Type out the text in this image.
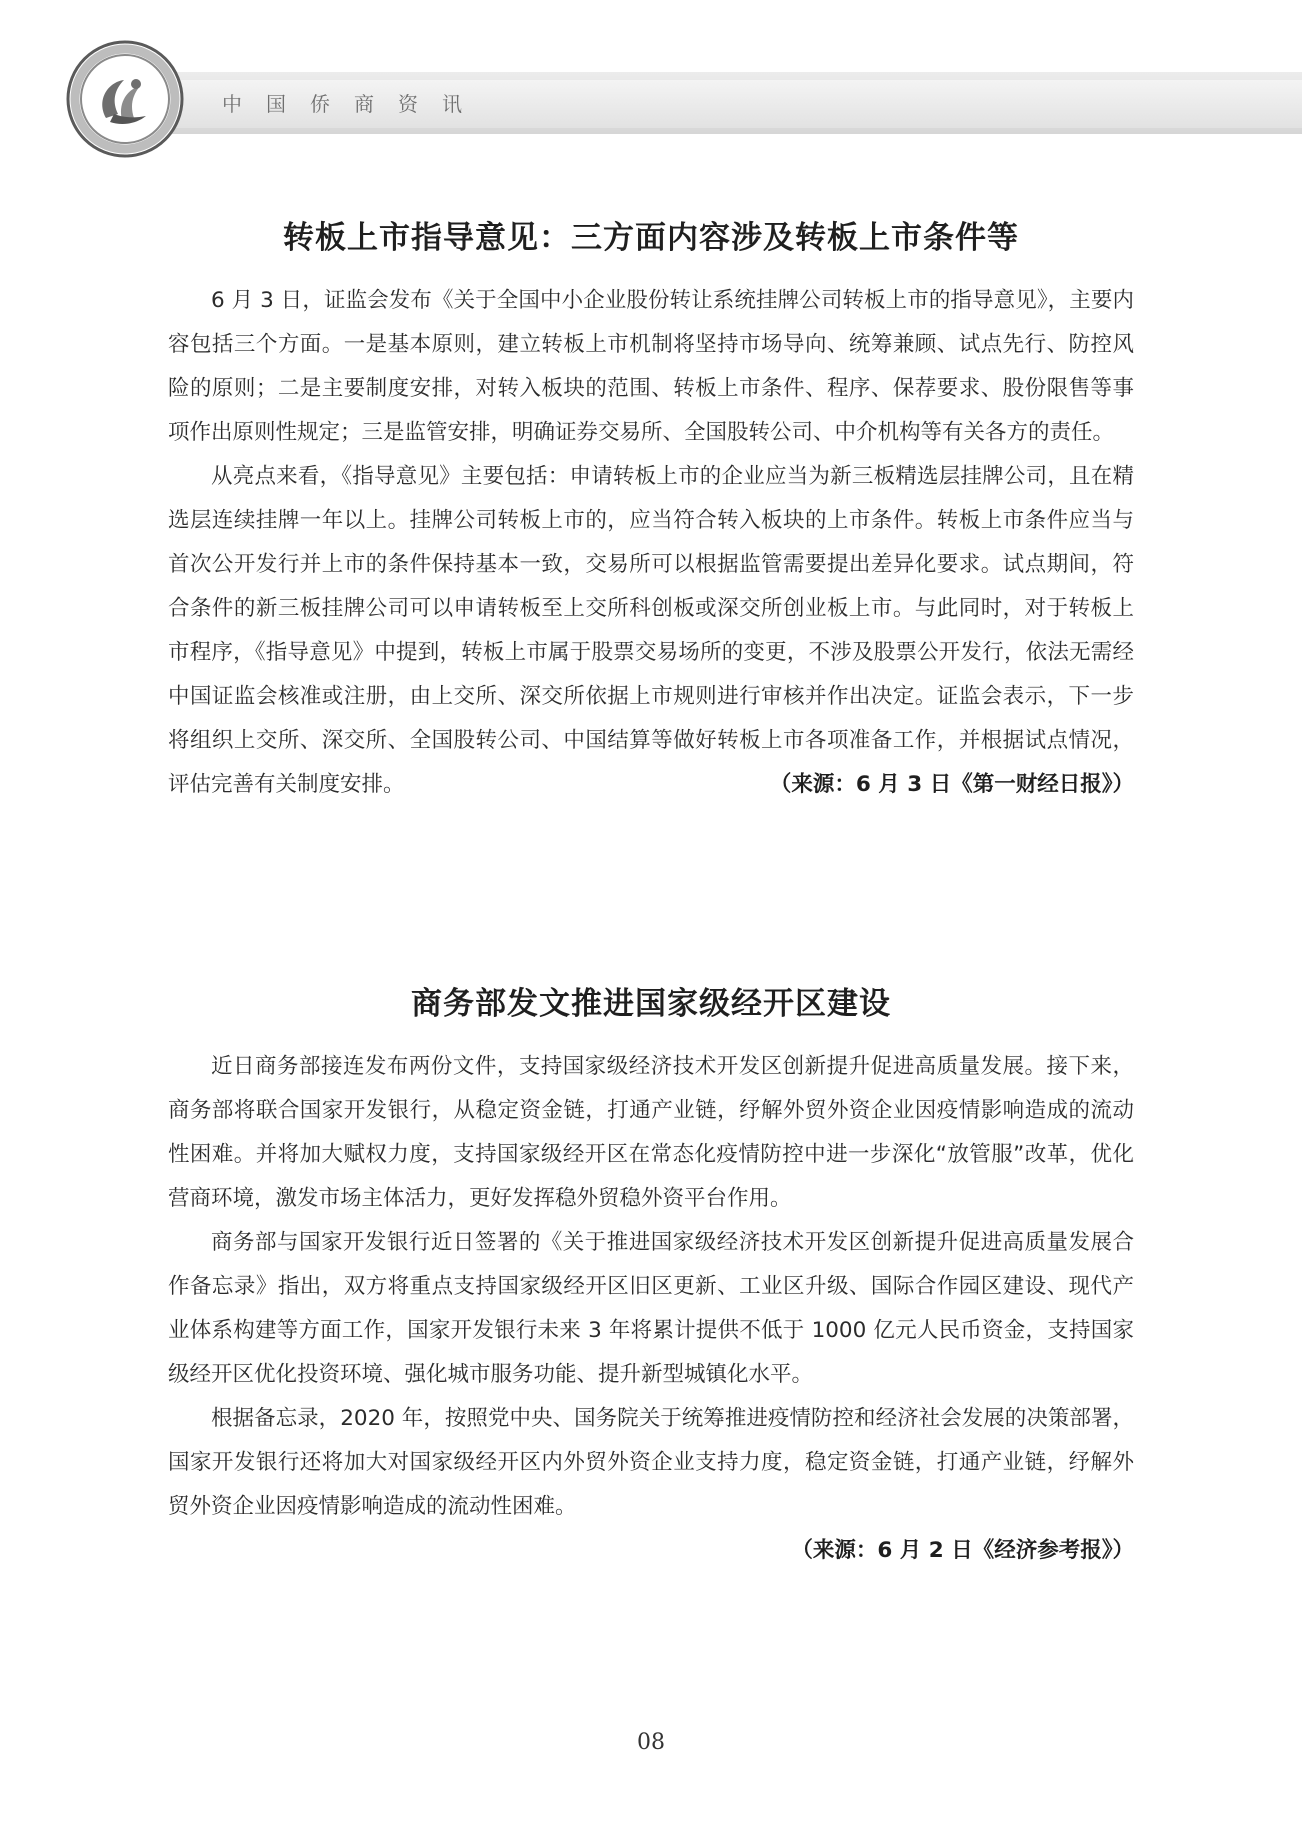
中国侨商资讯
转板上市指导意见：三方面内容涉及转板上市条件等

6 月 3 日，证监会发布《关于全国中小企业股份转让系统挂牌公司转板上市的指导意见》，主要内容包括三个方面。一是基本原则，建立转板上市机制将坚持市场导向、统筹兼顾、试点先行、防控风险的原则；二是主要制度安排，对转入板块的范围、转板上市条件、程序、保荐要求、股份限售等事项作出原则性规定；三是监管安排，明确证券交易所、全国股转公司、中介机构等有关各方的责任。

从亮点来看，《指导意见》主要包括：申请转板上市的企业应当为新三板精选层挂牌公司，且在精选层连续挂牌一年以上。挂牌公司转板上市的，应当符合转入板块的上市条件。转板上市条件应当与首次公开发行并上市的条件保持基本一致，交易所可以根据监管需要提出差异化要求。试点期间，符合条件的新三板挂牌公司可以申请转板至上交所科创板或深交所创业板上市。与此同时，对于转板上市程序，《指导意见》中提到，转板上市属于股票交易场所的变更，不涉及股票公开发行，依法无需经中国证监会核准或注册，由上交所、深交所依据上市规则进行审核并作出决定。证监会表示，下一步将组织上交所、深交所、全国股转公司、中国结算等做好转板上市各项准备工作，并根据试点情况，评估完善有关制度安排。	（来源：6 月 3 日《第一财经日报》）

商务部发文推进国家级经开区建设

近日商务部接连发布两份文件，支持国家级经济技术开发区创新提升促进高质量发展。接下来，商务部将联合国家开发银行，从稳定资金链，打通产业链，纾解外贸外资企业因疫情影响造成的流动性困难。并将加大赋权力度，支持国家级经开区在常态化疫情防控中进一步深化“放管服”改革，优化营商环境，激发市场主体活力，更好发挥稳外贸稳外资平台作用。

商务部与国家开发银行近日签署的《关于推进国家级经济技术开发区创新提升促进高质量发展合作备忘录》指出，双方将重点支持国家级经开区旧区更新、工业区升级、国际合作园区建设、现代产业体系构建等方面工作，国家开发银行未来 3 年将累计提供不低于 1000 亿元人民币资金，支持国家级经开区优化投资环境、强化城市服务功能、提升新型城镇化水平。

根据备忘录，2020 年，按照党中央、国务院关于统筹推进疫情防控和经济社会发展的决策部署，国家开发银行还将加大对国家级经开区内外贸外资企业支持力度，稳定资金链，打通产业链，纾解外贸外资企业因疫情影响造成的流动性困难。

（来源：6 月 2 日《经济参考报》）
08
